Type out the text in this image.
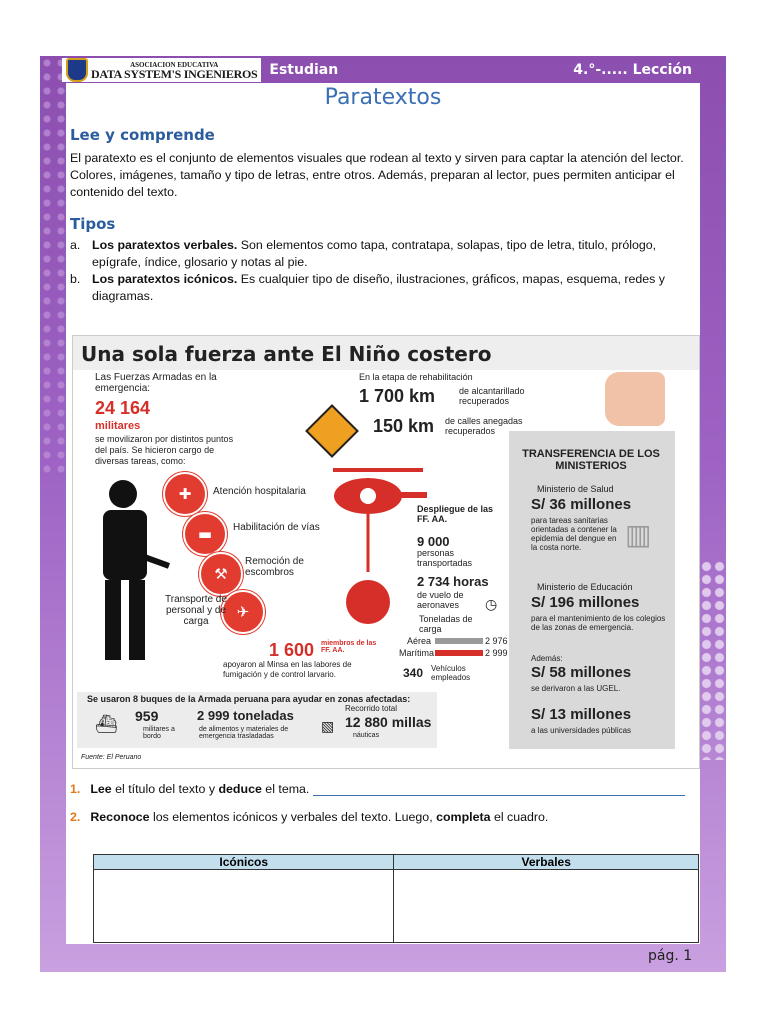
ASOCIACION EDUCATIVA
DATA SYSTEM'S INGENIEROS Estudian	4.°-..... Lección
Paratextos
Lee y comprende
El paratexto es el conjunto de elementos visuales que rodean al texto y sirven para captar la atención del lector. Colores, imágenes, tamaño y tipo de letras, entre otros. Además, preparan al lector, pues permiten anticipar el contenido del texto.
Tipos
a. Los paratextos verbales. Son elementos como tapa, contratapa, solapas, tipo de letra, titulo, prólogo, epígrafe, índice, glosario y notas al pie.
b. Los paratextos icónicos. Es cualquier tipo de diseño, ilustraciones, gráficos, mapas, esquema, redes y diagramas.
Una sola fuerza ante El Niño costero
Las Fuerzas Armadas en la emergencia:
24 164
militares
se movilizaron por distintos puntos del país. Se hicieron cargo de diversas tareas, como:
✚	Atención hospitalaria
▬	Habilitación de vías
⚒
Remoción de escombros
✈
Transporte de personal y de carga
1 600 miembros de las FF. AA.
apoyaron al Minsa en las labores de fumigación y de control larvario.
En la etapa de rehabilitación
1 700 km	de alcantarillado recuperados
150 km de calles anegadas recuperados
Despliegue de las FF. AA.
9 000
personas transportadas
2 734 horas
de vuelo de aeronaves	◷
Toneladas de carga
Aérea	2 976
Marítima	2 999
340 Vehículos empleados
Se usaron 8 buques de la Armada peruana para ayudar en zonas afectadas:
⛴ 959
militares a bordo
2 999 toneladas
de alimentos y materiales de emergencia trasladadas
▧
Recorrido total
12 880 millas
náuticas
TRANSFERENCIA DE LOS MINISTERIOS
Ministerio de Salud
S/ 36 millones
para tareas sanitarias orientadas a contener la epidemia del dengue en la costa norte.	▥
Ministerio de Educación
S/ 196 millones
para el mantenimiento de los colegios de las zonas de emergencia.
Además:
S/ 58 millones
se derivaron a las UGEL.
S/ 13 millones
a las universidades públicas
Fuente: El Peruano
1. Lee el título del texto y deduce el tema.
2. Reconoce los elementos icónicos y verbales del texto. Luego, completa el cuadro.
Icónicos	Verbales

pág. 1
